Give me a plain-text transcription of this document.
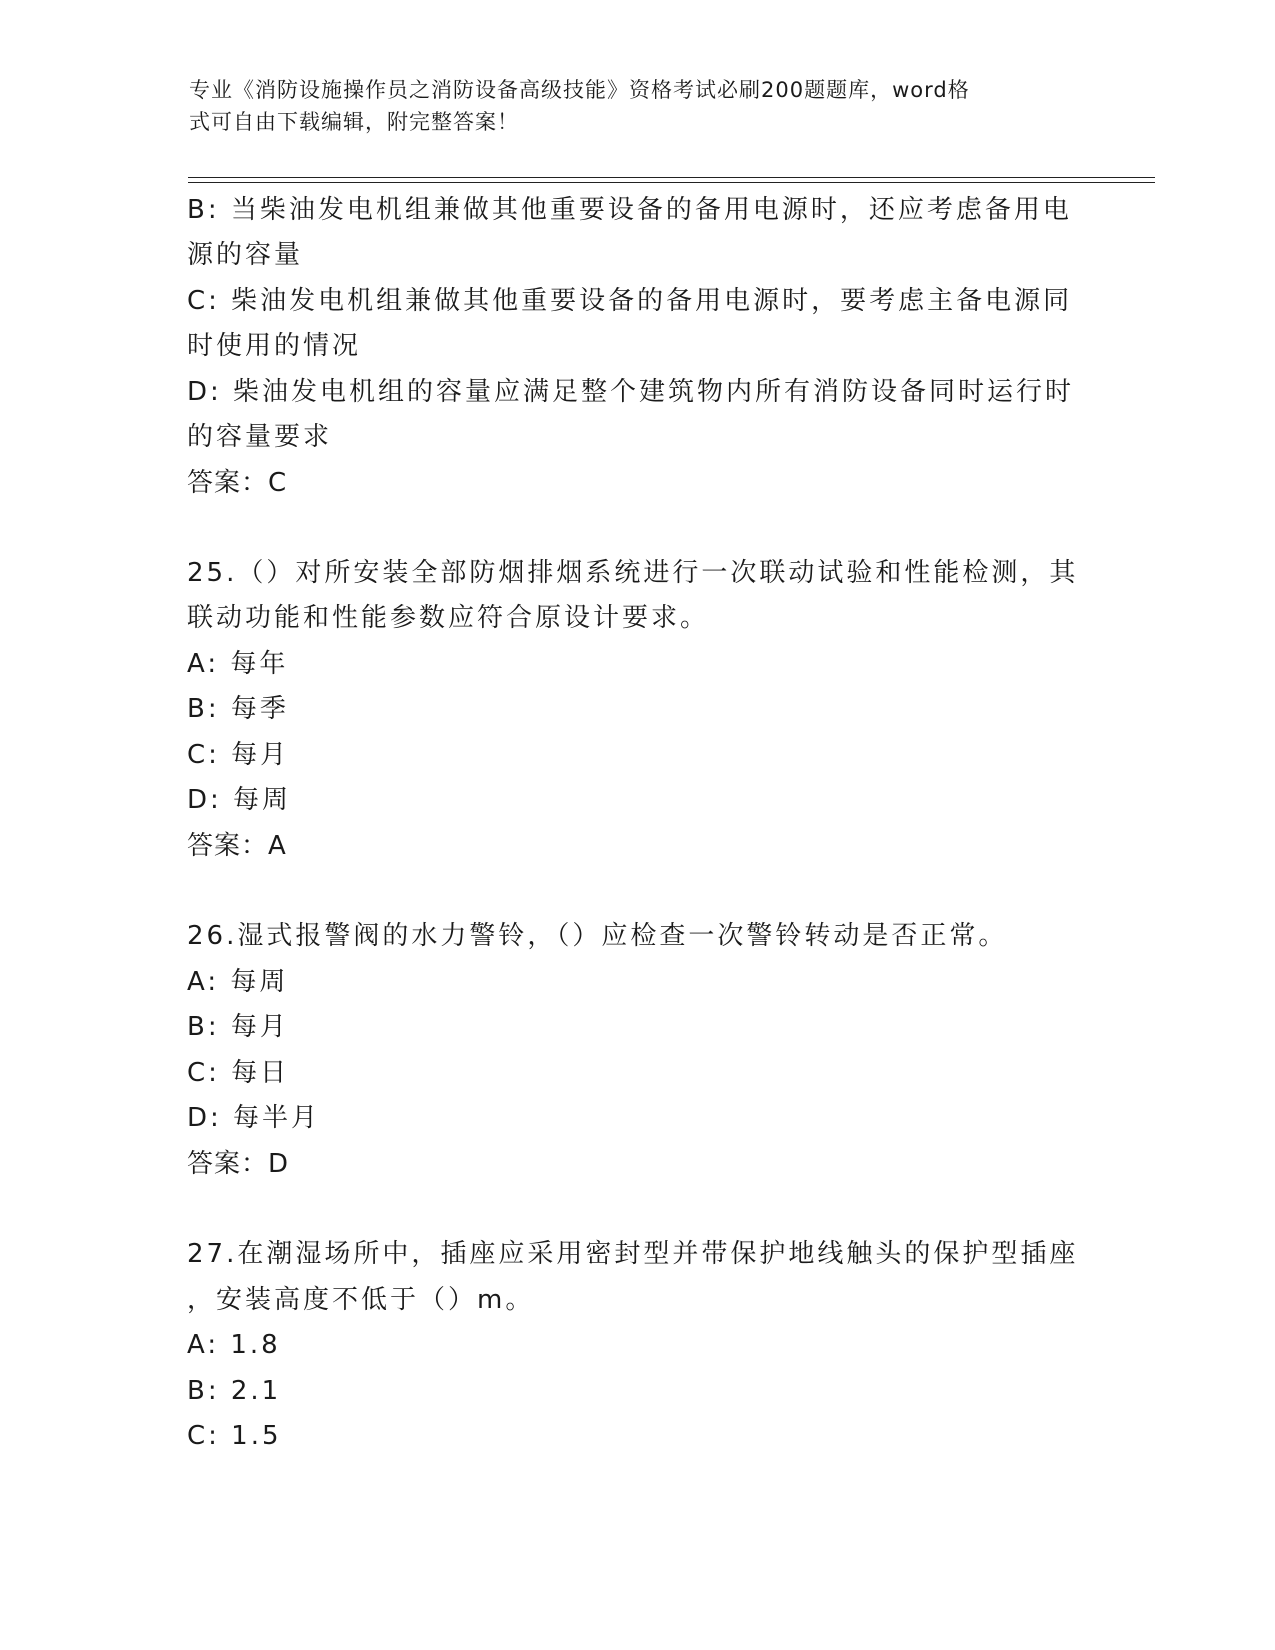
专业《消防设施操作员之消防设备高级技能》资格考试必刷200题题库，word格
式可自由下载编辑，附完整答案！
B: 当柴油发电机组兼做其他重要设备的备用电源时，还应考虑备用电
源的容量
C: 柴油发电机组兼做其他重要设备的备用电源时，要考虑主备电源同
时使用的情况
D: 柴油发电机组的容量应满足整个建筑物内所有消防设备同时运行时
的容量要求
答案：C
25.（）对所安装全部防烟排烟系统进行一次联动试验和性能检测，其
联动功能和性能参数应符合原设计要求。
A: 每年
B: 每季
C: 每月
D: 每周
答案：A
26.湿式报警阀的水力警铃，（）应检查一次警铃转动是否正常。
A: 每周
B: 每月
C: 每日
D: 每半月
答案：D
27.在潮湿场所中，插座应采用密封型并带保护地线触头的保护型插座
，安装高度不低于（）m。
A: 1.8
B: 2.1
C: 1.5
